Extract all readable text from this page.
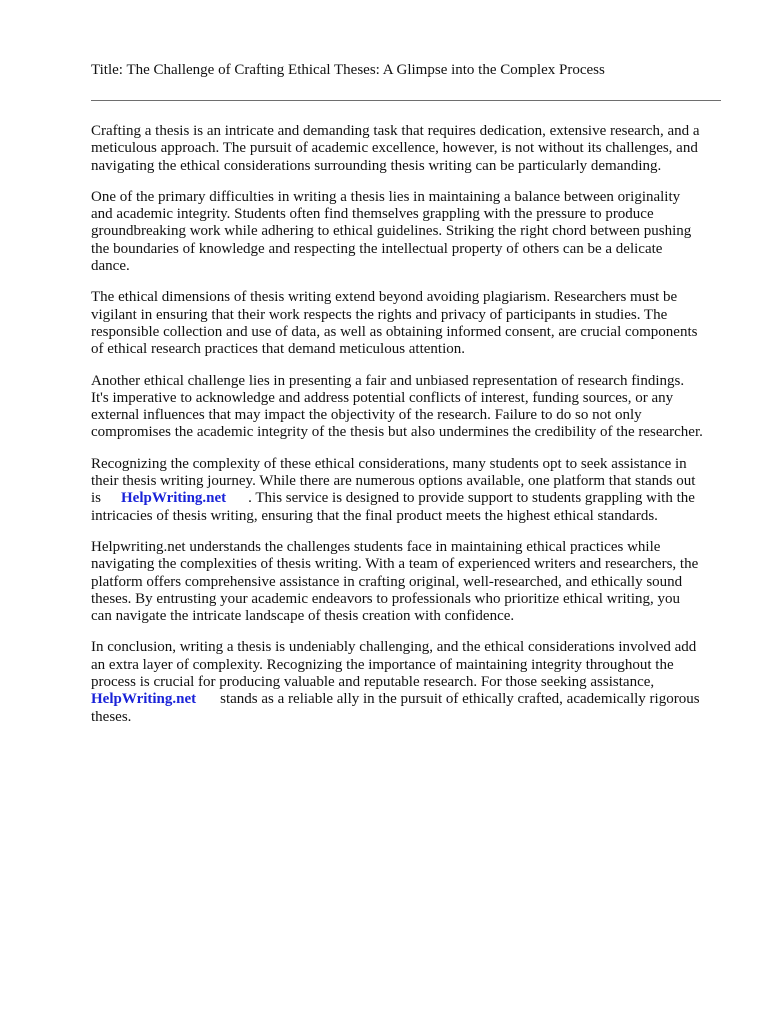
Title: The Challenge of Crafting Ethical Theses: A Glimpse into the Complex Process

Crafting a thesis is an intricate and demanding task that requires dedication, extensive research, and a
meticulous approach. The pursuit of academic excellence, however, is not without its challenges, and
navigating the ethical considerations surrounding thesis writing can be particularly demanding.

One of the primary difficulties in writing a thesis lies in maintaining a balance between originality
and academic integrity. Students often find themselves grappling with the pressure to produce
groundbreaking work while adhering to ethical guidelines. Striking the right chord between pushing
the boundaries of knowledge and respecting the intellectual property of others can be a delicate
dance.

The ethical dimensions of thesis writing extend beyond avoiding plagiarism. Researchers must be
vigilant in ensuring that their work respects the rights and privacy of participants in studies. The
responsible collection and use of data, as well as obtaining informed consent, are crucial components
of ethical research practices that demand meticulous attention.

Another ethical challenge lies in presenting a fair and unbiased representation of research findings.
It's imperative to acknowledge and address potential conflicts of interest, funding sources, or any
external influences that may impact the objectivity of the research. Failure to do so not only
compromises the academic integrity of the thesis but also undermines the credibility of the researcher.

Recognizing the complexity of these ethical considerations, many students opt to seek assistance in
their thesis writing journey. While there are numerous options available, one platform that stands out
is HelpWriting.net . This service is designed to provide support to students grappling with the
intricacies of thesis writing, ensuring that the final product meets the highest ethical standards.

Helpwriting.net understands the challenges students face in maintaining ethical practices while
navigating the complexities of thesis writing. With a team of experienced writers and researchers, the
platform offers comprehensive assistance in crafting original, well-researched, and ethically sound
theses. By entrusting your academic endeavors to professionals who prioritize ethical writing, you
can navigate the intricate landscape of thesis creation with confidence.

In conclusion, writing a thesis is undeniably challenging, and the ethical considerations involved add
an extra layer of complexity. Recognizing the importance of maintaining integrity throughout the
process is crucial for producing valuable and reputable research. For those seeking assistance,
HelpWriting.net stands as a reliable ally in the pursuit of ethically crafted, academically rigorous
theses.
